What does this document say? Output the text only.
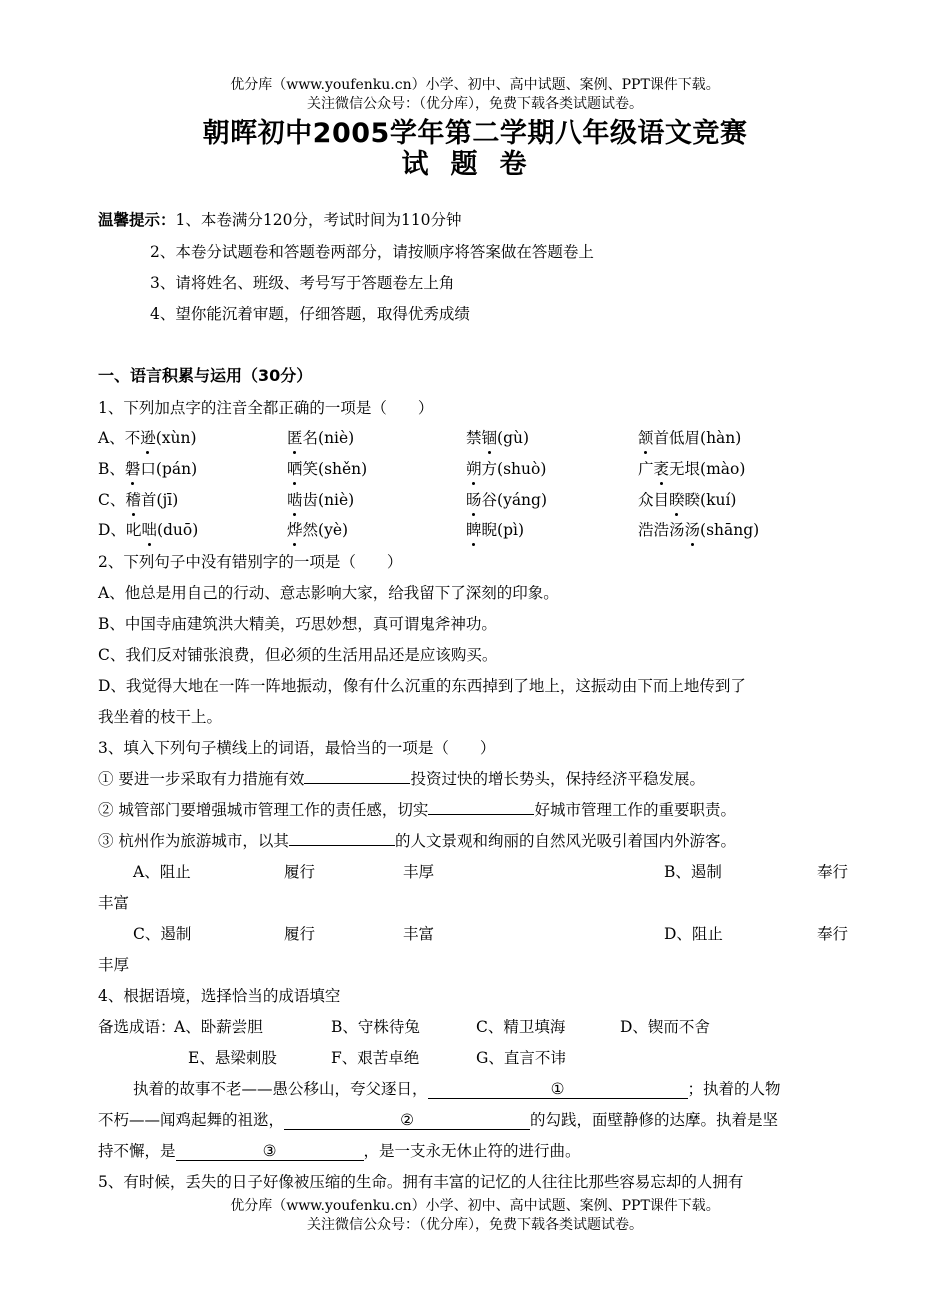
优分库（www.youfenku.cn）小学、初中、高中试题、案例、PPT课件下载。
关注微信公众号：（优分库），免费下载各类试题试卷。
朝晖初中2005学年第二学期八年级语文竞赛
试题卷
温馨提示：1、本卷满分120分，考试时间为110分钟
2、本卷分试题卷和答题卷两部分，请按顺序将答案做在答题卷上
3、请将姓名、班级、考号写于答题卷左上角
4、望你能沉着审题，仔细答题，取得优秀成绩
一、语言积累与运用（30分）
1、下列加点字的注音全都正确的一项是（　　）
A、不逊(xùn)	匿名(niè)	禁锢(gù)	颔首低眉(hàn)
B、磐口(pán)	哂笑(shěn)	朔方(shuò)	广袤无垠(mào)
C、稽首(jī)	啮齿(niè)	旸谷(yáng)	众目睽睽(kuí)
D、叱咄(duō)	烨然(yè)	睥睨(pì)	浩浩汤汤(shāng)
2、下列句子中没有错别字的一项是（　　）
A、他总是用自己的行动、意志影响大家，给我留下了深刻的印象。
B、中国寺庙建筑洪大精美，巧思妙想，真可谓鬼斧神功。
C、我们反对铺张浪费，但必须的生活用品还是应该购买。
D、我觉得大地在一阵一阵地振动，像有什么沉重的东西掉到了地上，这振动由下而上地传到了
我坐着的枝干上。
3、填入下列句子横线上的词语，最恰当的一项是（　　）
① 要进一步采取有力措施有效	投资过快的增长势头，保持经济平稳发展。
② 城管部门要增强城市管理工作的责任感，切实	好城市管理工作的重要职责。
③ 杭州作为旅游城市，以其	的人文景观和绚丽的自然风光吸引着国内外游客。
A、阻止	履行	丰厚	B、遏制	奉行
丰富
C、遏制	履行	丰富	D、阻止	奉行
丰厚
4、根据语境，选择恰当的成语填空
备选成语：
A、卧薪尝胆	B、守株待兔	C、精卫填海	D、锲而不舍
E、悬梁刺股	F、艰苦卓绝	G、直言不讳
执着的故事不老——愚公移山，夸父逐日，	①	；执着的人物
不朽——闻鸡起舞的祖逖，	②	的勾践，面壁静修的达摩。执着是坚
持不懈，是	③	，是一支永无休止符的进行曲。
5、有时候，丢失的日子好像被压缩的生命。拥有丰富的记忆的人往往比那些容易忘却的人拥有
优分库（www.youfenku.cn）小学、初中、高中试题、案例、PPT课件下载。
关注微信公众号：（优分库），免费下载各类试题试卷。
